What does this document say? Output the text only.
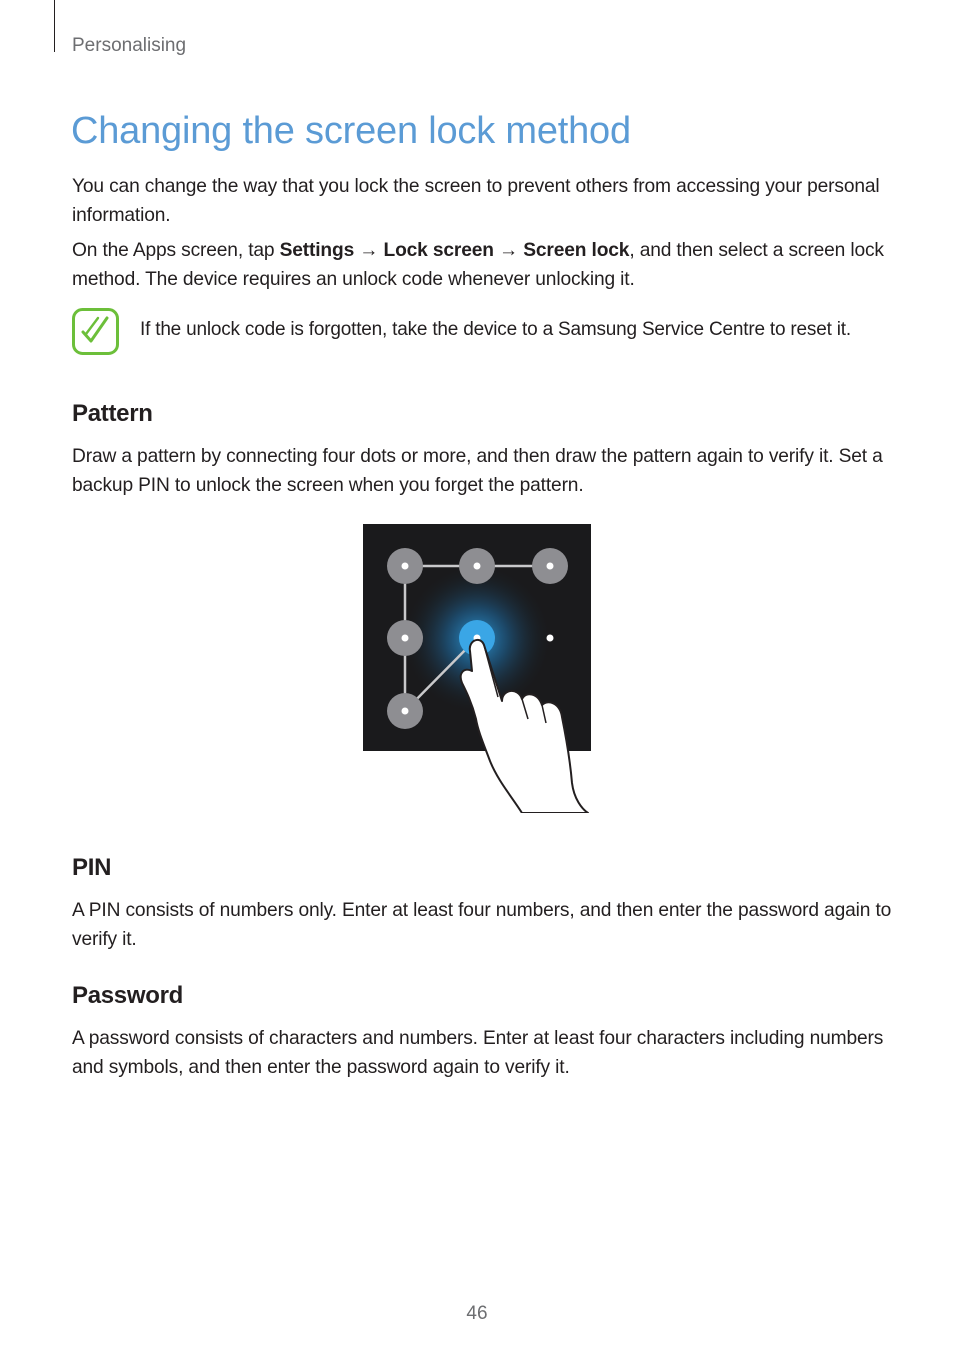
Personalising
Changing the screen lock method

You can change the way that you lock the screen to prevent others from accessing your personal information.

On the Apps screen, tap Settings → Lock screen → Screen lock, and then select a screen lock method. The device requires an unlock code whenever unlocking it.

If the unlock code is forgotten, take the device to a Samsung Service Centre to reset it.

Pattern

Draw a pattern by connecting four dots or more, and then draw the pattern again to verify it. Set a backup PIN to unlock the screen when you forget the pattern.

PIN

A PIN consists of numbers only. Enter at least four numbers, and then enter the password again to verify it.

Password

A password consists of characters and numbers. Enter at least four characters including numbers and symbols, and then enter the password again to verify it.

46
